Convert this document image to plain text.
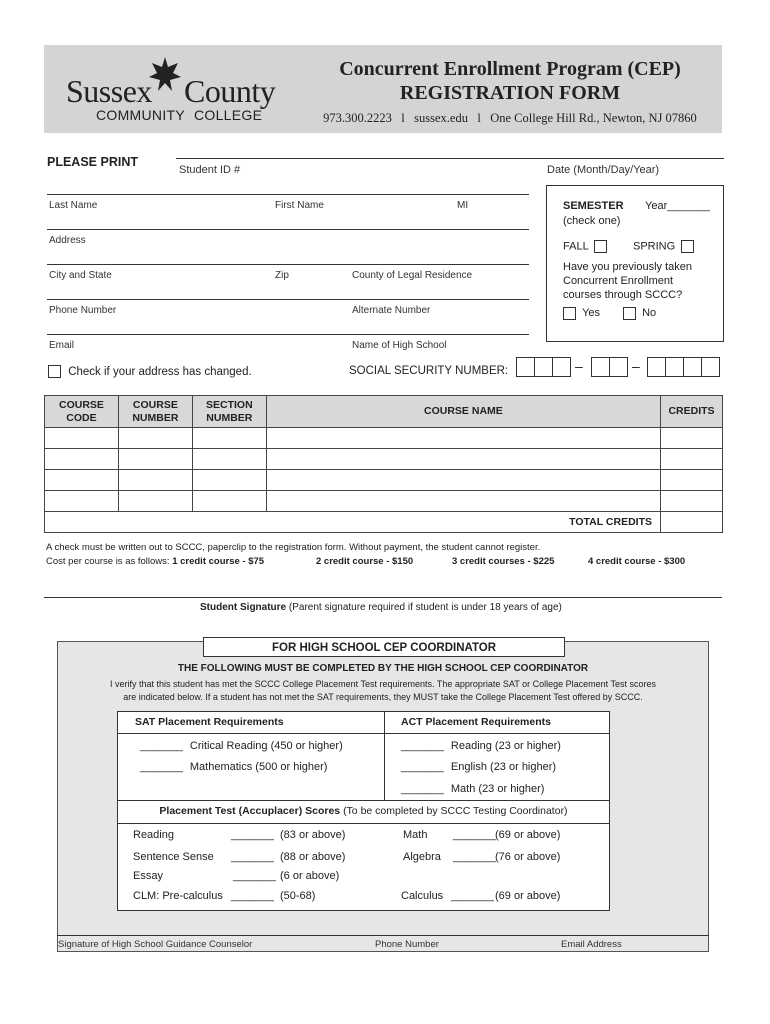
Sussex County
COMMUNITY COLLEGE
Concurrent Enrollment Program (CEP)
REGISTRATION FORM
973.300.2223 l sussex.edu l One College Hill Rd., Newton, NJ 07860
PLEASE PRINT
Student ID #	Date (Month/Day/Year)
Last Name	First Name	MI
Address
City and State	Zip	County of Legal Residence
Phone Number	Alternate Number
Email	Name of High School
Check if your address has changed.	SOCIAL SECURITY NUMBER:	–	–
SEMESTER Year_______
(check one)
FALL	SPRING
Have you previously taken Concurrent Enrollment courses through SCCC?
Yes	No
COURSE CODE	COURSE NUMBER	SECTION NUMBER	COURSE NAME	CREDITS

TOTAL CREDITS				
A check must be written out to SCCC, paperclip to the registration form. Without payment, the student cannot register.
Cost per course is as follows: 1 credit course - $75	2 credit course - $150	3 credit courses - $225	4 credit course - $300
Student Signature (Parent signature required if student is under 18 years of age)
FOR HIGH SCHOOL CEP COORDINATOR
THE FOLLOWING MUST BE COMPLETED BY THE HIGH SCHOOL CEP COORDINATOR
I verify that this student has met the SCCC College Placement Test requirements. The appropriate SAT or College Placement Test scores
are indicated below. If a student has not met the SAT requirements, they MUST take the College Placement Test offered by SCCC.
SAT Placement Requirements	ACT Placement Requirements
_______ Critical Reading (450 or higher)
_______ Mathematics (500 or higher)
_______ Reading (23 or higher)
_______ English (23 or higher)
_______ Math (23 or higher)
Placement Test (Accuplacer) Scores (To be completed by SCCC Testing Coordinator)
Reading	_______ (83 or above)
Sentence Sense _______ (88 or above)
Essay	_______ (6 or above)
CLM: Pre-calculus _______ (50-68)
Math _______ (69 or above)
Algebra _______ (76 or above)
Calculus _______ (69 or above)
Signature of High School Guidance Counselor	Phone Number	Email Address
